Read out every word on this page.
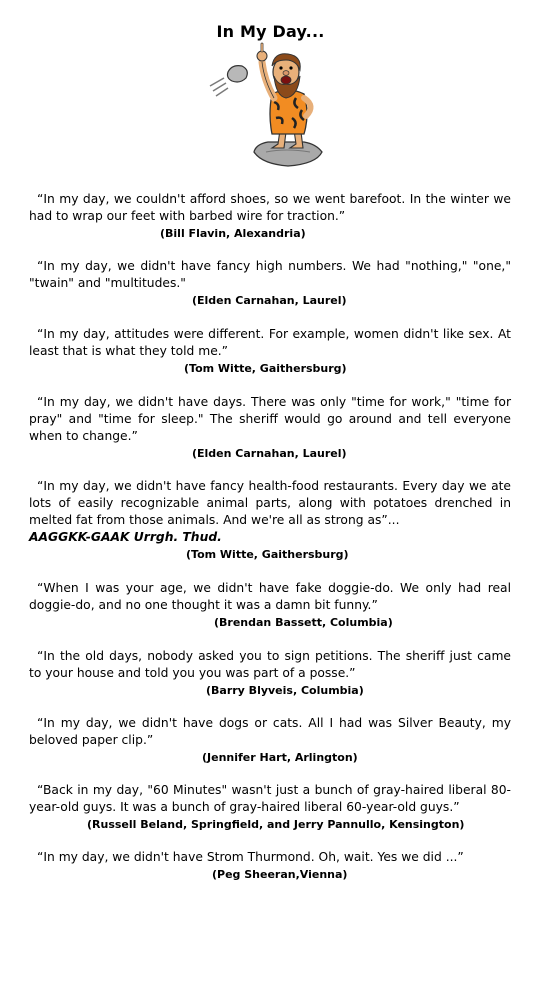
In My Day...

“In my day, we couldn't afford shoes, so we went barefoot. In the winter we had to wrap our feet with barbed wire for traction.”

(Bill Flavin, Alexandria)

“In my day, we didn't have fancy high numbers. We had "nothing," "one," "twain" and "multitudes."

(Elden Carnahan, Laurel)

“In my day, attitudes were different. For example, women didn't like sex. At least that is what they told me.”

(Tom Witte, Gaithersburg)

“In my day, we didn't have days. There was only "time for work," "time for pray" and "time for sleep." The sheriff would go around and tell everyone when to change.”

(Elden Carnahan, Laurel)

“In my day, we didn't have fancy health-food restaurants. Every day we ate lots of easily recognizable animal parts, along with potatoes drenched in melted fat from those animals. And we're all as strong as”...
AAGGKK-GAAK Urrgh. Thud.

(Tom Witte, Gaithersburg)

“When I was your age, we didn't have fake doggie-do. We only had real doggie-do, and no one thought it was a damn bit funny.”

(Brendan Bassett, Columbia)

“In the old days, nobody asked you to sign petitions. The sheriff just came to your house and told you you was part of a posse.”

(Barry Blyveis, Columbia)

“In my day, we didn't have dogs or cats. All I had was Silver Beauty, my beloved paper clip.”

(Jennifer Hart, Arlington)

“Back in my day, "60 Minutes" wasn't just a bunch of gray-haired liberal 80-year-old guys. It was a bunch of gray-haired liberal 60-year-old guys.”

(Russell Beland, Springfield, and Jerry Pannullo, Kensington)

“In my day, we didn't have Strom Thurmond. Oh, wait. Yes we did ...”

(Peg Sheeran,Vienna)
